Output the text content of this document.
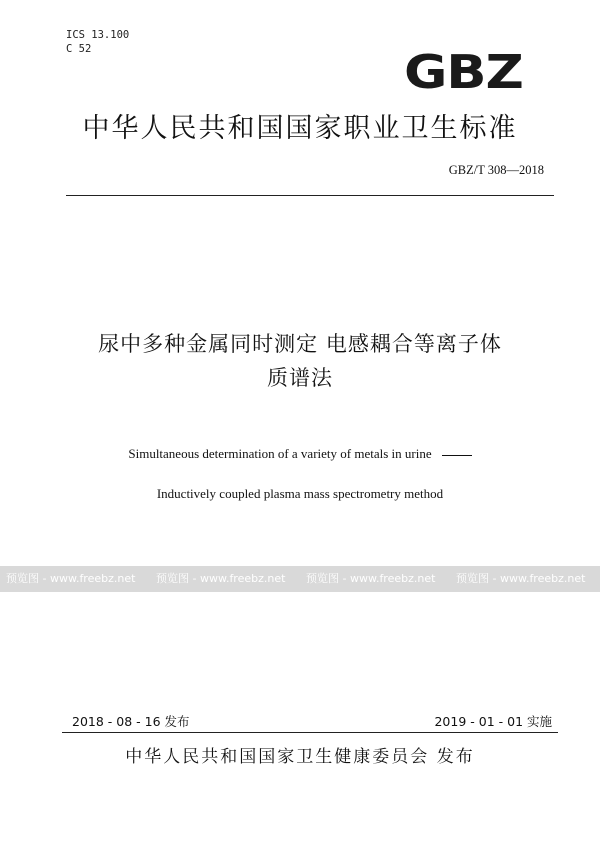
ICS 13.100
C 52	GBZ
中华人民共和国国家职业卫生标准
GBZ/T 308—2018
尿中多种金属同时测定 电感耦合等离子体
质谱法
Simultaneous determination of a variety of metals in urine
Inductively coupled plasma mass spectrometry method
预览图 - www.freebz.net 预览图 - www.freebz.net 预览图 - www.freebz.net 预览图 - www.freebz.net
2018 - 08 - 16 发布	2019 - 01 - 01 实施
中华人民共和国国家卫生健康委员会 发布
